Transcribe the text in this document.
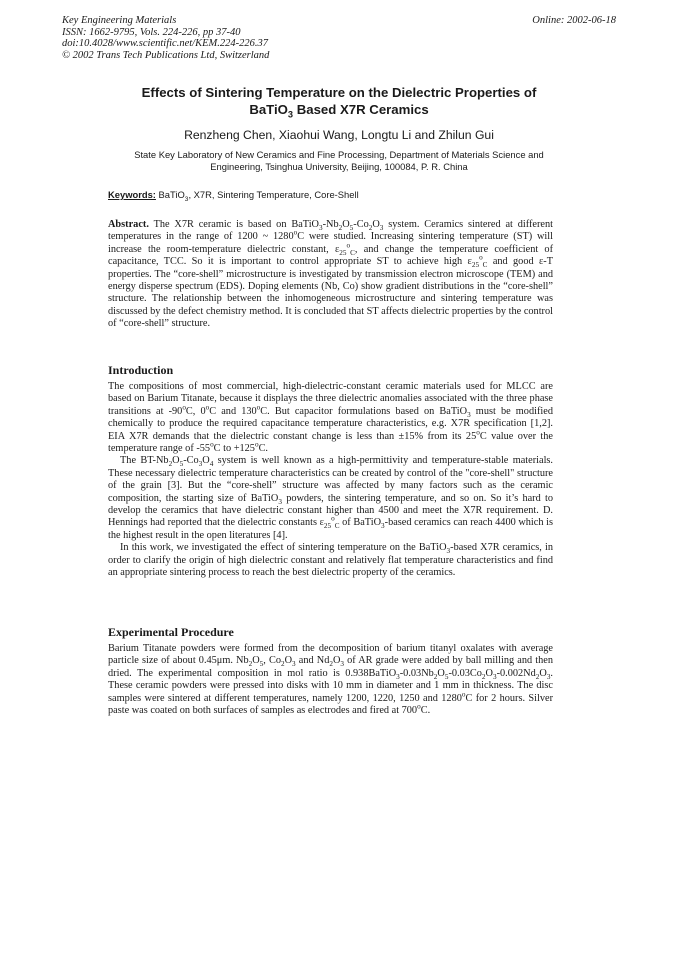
Key Engineering Materials
ISSN: 1662-9795, Vols. 224-226, pp 37-40
doi:10.4028/www.scientific.net/KEM.224-226.37
© 2002 Trans Tech Publications Ltd, Switzerland
Online: 2002-06-18
Effects of Sintering Temperature on the Dielectric Properties of
BaTiO$_3$ Based X7R Ceramics
Renzheng Chen, Xiaohui Wang, Longtu Li and Zhilun Gui
State Key Laboratory of New Ceramics and Fine Processing, Department of Materials Science and
Engineering, Tsinghua University, Beijing, 100084, P. R. China
Keywords: BaTiO$_3$, X7R, Sintering Temperature, Core-Shell

Abstract. The X7R ceramic is based on $BaTiO_3-Nb_2O_5-Co_2O_3$ system. Ceramics sintered at different temperatures in the range of 1200 ~ 1280$^o$C were studied. Increasing sintering temperature (ST) will increase the room-temperature dielectric constant, $\varepsilon_{25}^o_C$, and change the temperature coefficient of capacitance, TCC. So it is important to control appropriate ST to achieve high $\varepsilon_{25}^o_C$ and good ε-T properties. The “core-shell” microstructure is investigated by transmission electron microscope (TEM) and energy disperse spectrum (EDS). Doping elements (Nb, Co) show gradient distributions in the “core-shell” structure. The relationship between the inhomogeneous microstructure and sintering temperature was discussed by the defect chemistry method. It is concluded that ST affects dielectric properties by the control of “core-shell” structure.

Introduction

The compositions of most commercial, high-dielectric-constant ceramic materials used for MLCC are based on Barium Titanate, because it displays the three dielectric anomalies associated with the three phase transitions at -90$^o$C, 0$^o$C and 130$^o$C. But capacitor formulations based on BaTiO$_3$ must be modified chemically to produce the required capacitance temperature characteristics, e.g. X7R specification [1,2]. EIA X7R demands that the dielectric constant change is less than ±15% from its 25$^o$C value over the temperature range of -55$^o$C to $+125^oC$.

The $BT-Nb_2O_5-Co_3O_4$ system is well known as a high-permittivity and temperature-stable materials. These necessary dielectric temperature characteristics can be created by control of the "core-shell" structure of the grain [3]. But the “core-shell” structure was affected by many factors such as the ceramic composition, the starting size of BaTiO$_3$ powders, the sintering temperature, and so on. So it’s hard to develop the ceramics that have dielectric constant higher than 4500 and meet the X7R requirement. D. Hennings had reported that the dielectric constants $\varepsilon_{25}^o_C$ of BaTiO$_3$-based ceramics can reach 4400 which is the highest result in the open literatures [4].

In this work, we investigated the effect of sintering temperature on the BaTiO$_3$-based X7R ceramics, in order to clarify the origin of high dielectric constant and relatively flat temperature characteristics and find an appropriate sintering process to reach the best dielectric property of the ceramics.

Experimental Procedure

Barium Titanate powders were formed from the decomposition of barium titanyl oxalates with average particle size of about 0.45μm. $Nb_2O_5$, $Co_2O_3$ and $Nd_2O_3$ of AR grade were added by ball milling and then dried. The experimental composition in mol ratio is $0.938BaTiO_3-0.03Nb_2O_5-0.03Co_2O_3-0.002Nd_2O_3$. These ceramic powders were pressed into disks with 10 mm in diameter and 1 mm in thickness. The disc samples were sintered at different temperatures, namely 1200, 1220, 1250 and 1280$^o$C for 2 hours. Silver paste was coated on both surfaces of samples as electrodes and fired at 700$^o$C.
